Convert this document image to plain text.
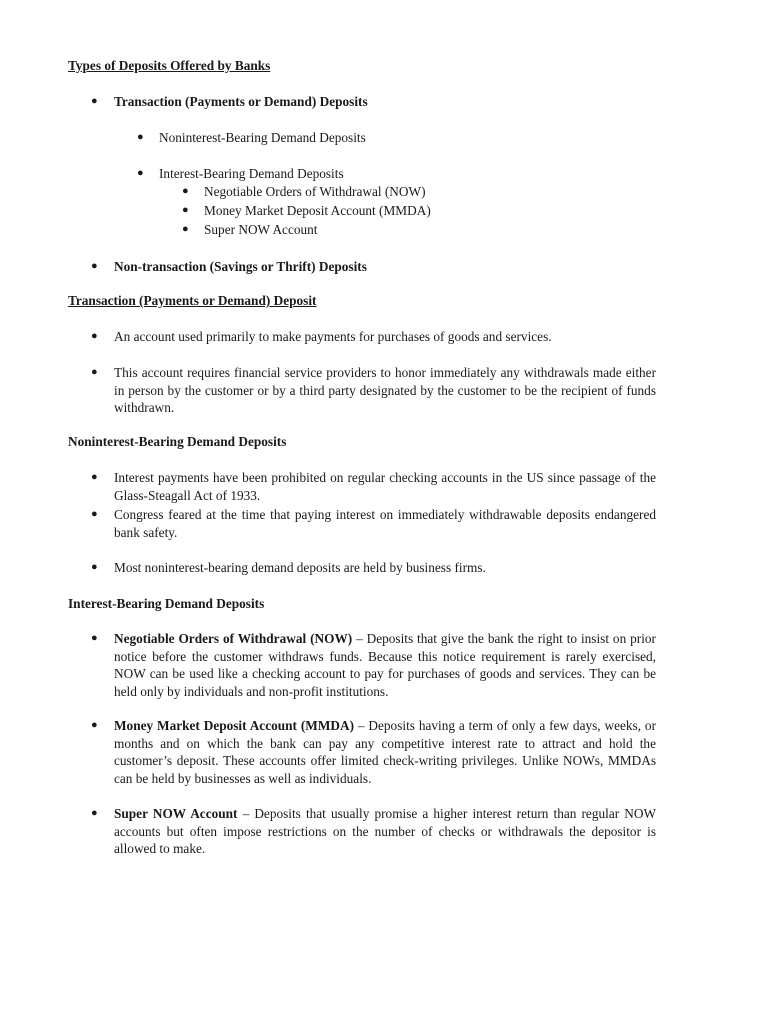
Types of Deposits Offered by Banks

● Transaction (Payments or Demand) Deposits

● Noninterest-Bearing Demand Deposits

● Interest-Bearing Demand Deposits

● Negotiable Orders of Withdrawal (NOW)

● Money Market Deposit Account (MMDA)

● Super NOW Account

● Non-transaction (Savings or Thrift) Deposits

Transaction (Payments or Demand) Deposit

● An account used primarily to make payments for purchases of goods and services.

● This account requires financial service providers to honor immediately any withdrawals made either in person by the customer or by a third party designated by the customer to be the recipient of funds withdrawn.

Noninterest-Bearing Demand Deposits

● Interest payments have been prohibited on regular checking accounts in the US since passage of the Glass-Steagall Act of 1933.

● Congress feared at the time that paying interest on immediately withdrawable deposits endangered bank safety.

● Most noninterest-bearing demand deposits are held by business firms.

Interest-Bearing Demand Deposits

● Negotiable Orders of Withdrawal (NOW) – Deposits that give the bank the right to insist on prior notice before the customer withdraws funds. Because this notice requirement is rarely exercised, NOW can be used like a checking account to pay for purchases of goods and services. They can be held only by individuals and non-profit institutions.

● Money Market Deposit Account (MMDA) – Deposits having a term of only a few days, weeks, or months and on which the bank can pay any competitive interest rate to attract and hold the customer’s deposit. These accounts offer limited check-writing privileges. Unlike NOWs, MMDAs can be held by businesses as well as individuals.

● Super NOW Account – Deposits that usually promise a higher interest return than regular NOW accounts but often impose restrictions on the number of checks or withdrawals the depositor is allowed to make.
